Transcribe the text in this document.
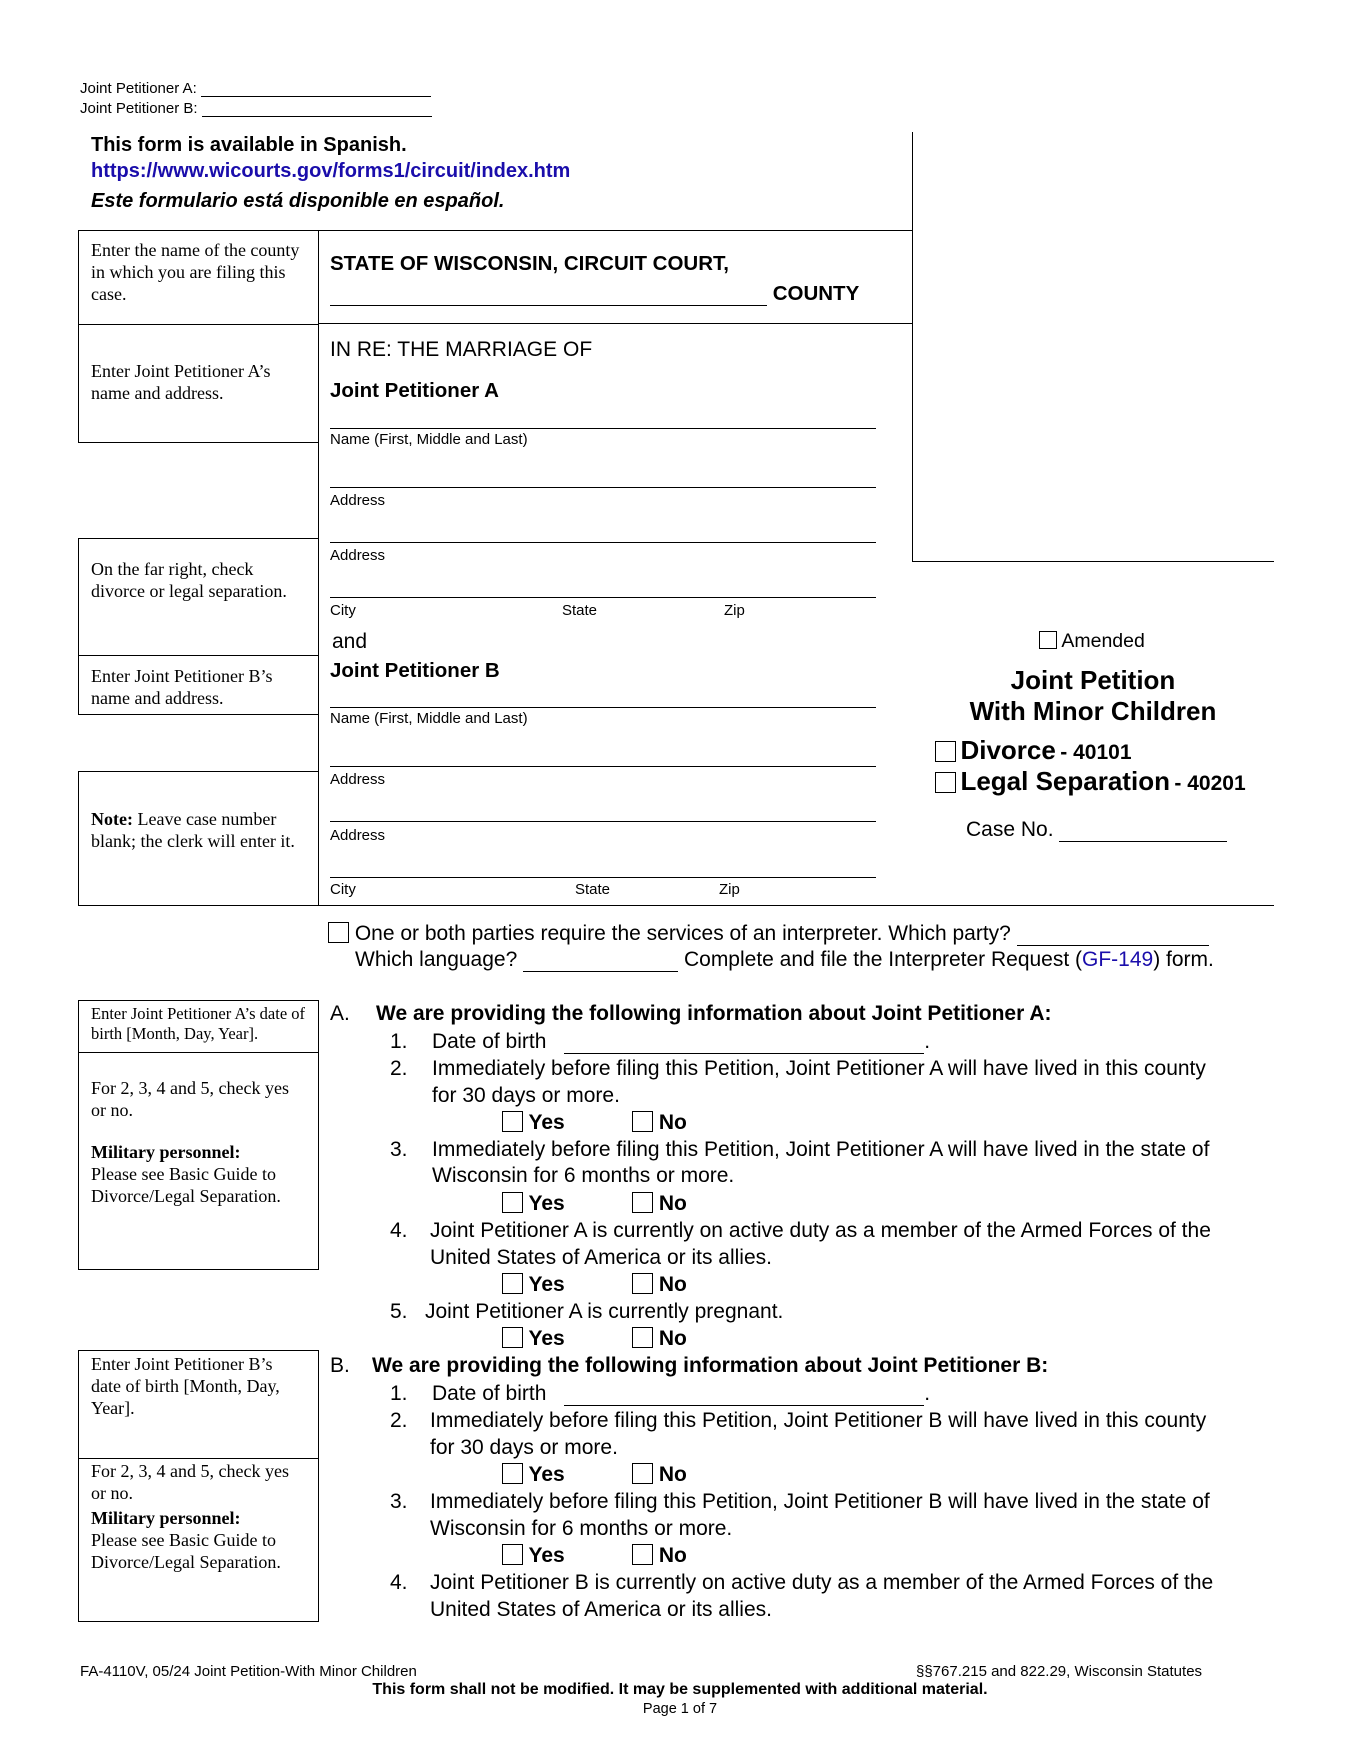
Joint Petitioner A:
Joint Petitioner B:
This form is available in Spanish.
https://www.wicourts.gov/forms1/circuit/index.htm
Este formulario está disponible en español.
STATE OF WISCONSIN, CIRCUIT COURT,
COUNTY
IN RE: THE MARRIAGE OF
Joint Petitioner A
Name (First, Middle and Last)
Address
Address
City	State	Zip
and
Joint Petitioner B
Name (First, Middle and Last)
Address
Address
City	State	Zip
Enter the name of the county in which you are filing this case.
Enter Joint Petitioner A’s name and address.
On the far right, check divorce or legal separation.
Enter Joint Petitioner B’s name and address.
Note: Leave case number blank; the clerk will enter it.
Amended
Joint Petition
With Minor Children
Divorce - 40101
Legal Separation - 40201
Case No.
One or both parties require the services of an interpreter. Which party?
Which language?	Complete and file the Interpreter Request (GF-149) form.
Enter Joint Petitioner A’s date of birth [Month, Day, Year].
For 2, 3, 4 and 5, check yes or no.
Military personnel:
Please see Basic Guide to Divorce/Legal Separation.
A. We are providing the following information about Joint Petitioner A:
1. Date of birth	.
2. Immediately before filing this Petition, Joint Petitioner A will have lived in this county
for 30 days or more.
Yes	No
3. Immediately before filing this Petition, Joint Petitioner A will have lived in the state of
Wisconsin for 6 months or more.
Yes	No
4. Joint Petitioner A is currently on active duty as a member of the Armed Forces of the
United States of America or its allies.
Yes	No
5. Joint Petitioner A is currently pregnant.
Yes	No
Enter Joint Petitioner B’s date of birth [Month, Day, Year].
For 2, 3, 4 and 5, check yes or no.
Military personnel:
Please see Basic Guide to Divorce/Legal Separation.
B. We are providing the following information about Joint Petitioner B:
1. Date of birth	.
2. Immediately before filing this Petition, Joint Petitioner B will have lived in this county
for 30 days or more.
Yes	No
3. Immediately before filing this Petition, Joint Petitioner B will have lived in the state of
Wisconsin for 6 months or more.
Yes	No
4. Joint Petitioner B is currently on active duty as a member of the Armed Forces of the
United States of America or its allies.
FA-4110V, 05/24 Joint Petition-With Minor Children	§§767.215 and 822.29, Wisconsin Statutes
This form shall not be modified. It may be supplemented with additional material.
Page 1 of 7
